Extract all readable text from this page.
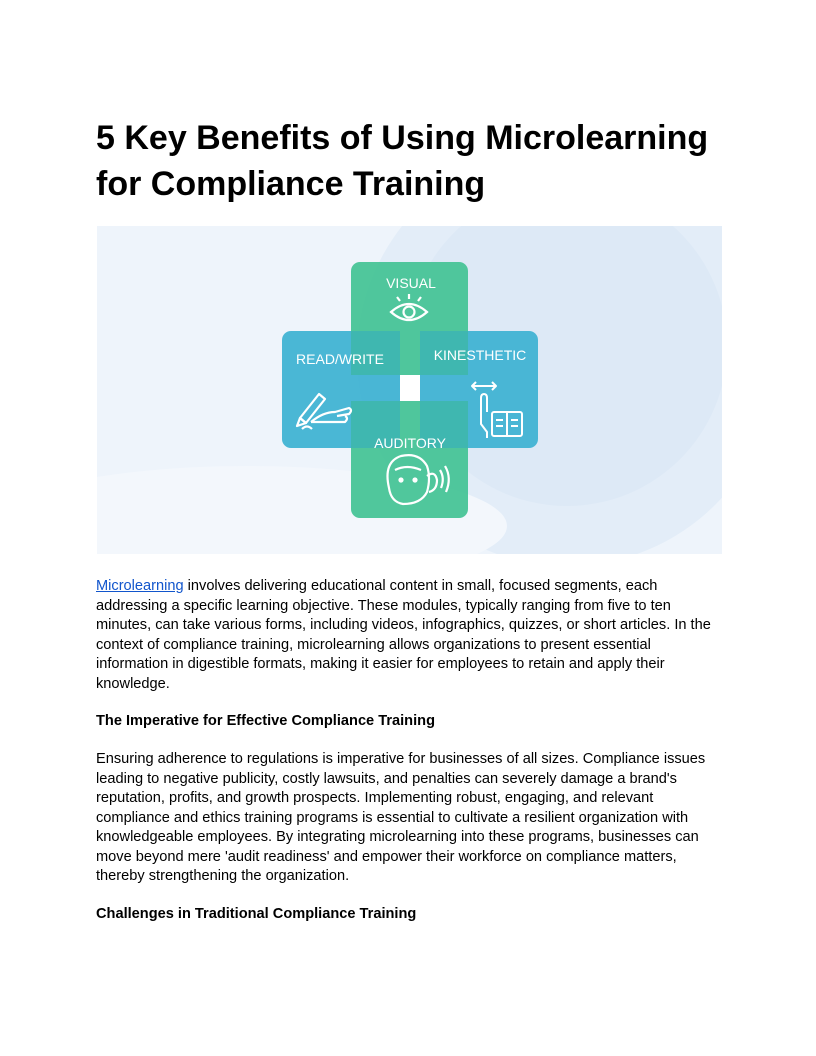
5 Key Benefits of Using Microlearning for Compliance Training
VISUAL
READ/WRITE	KINESTHETIC
AUDITORY

Microlearning involves delivering educational content in small, focused segments, each addressing a specific learning objective. These modules, typically ranging from five to ten minutes, can take various forms, including videos, infographics, quizzes, or short articles. In the context of compliance training, microlearning allows organizations to present essential information in digestible formats, making it easier for employees to retain and apply their knowledge.

The Imperative for Effective Compliance Training

Ensuring adherence to regulations is imperative for businesses of all sizes. Compliance issues leading to negative publicity, costly lawsuits, and penalties can severely damage a brand's reputation, profits, and growth prospects. Implementing robust, engaging, and relevant compliance and ethics training programs is essential to cultivate a resilient organization with knowledgeable employees. By integrating microlearning into these programs, businesses can move beyond mere 'audit readiness' and empower their workforce on compliance matters, thereby strengthening the organization.

Challenges in Traditional Compliance Training
